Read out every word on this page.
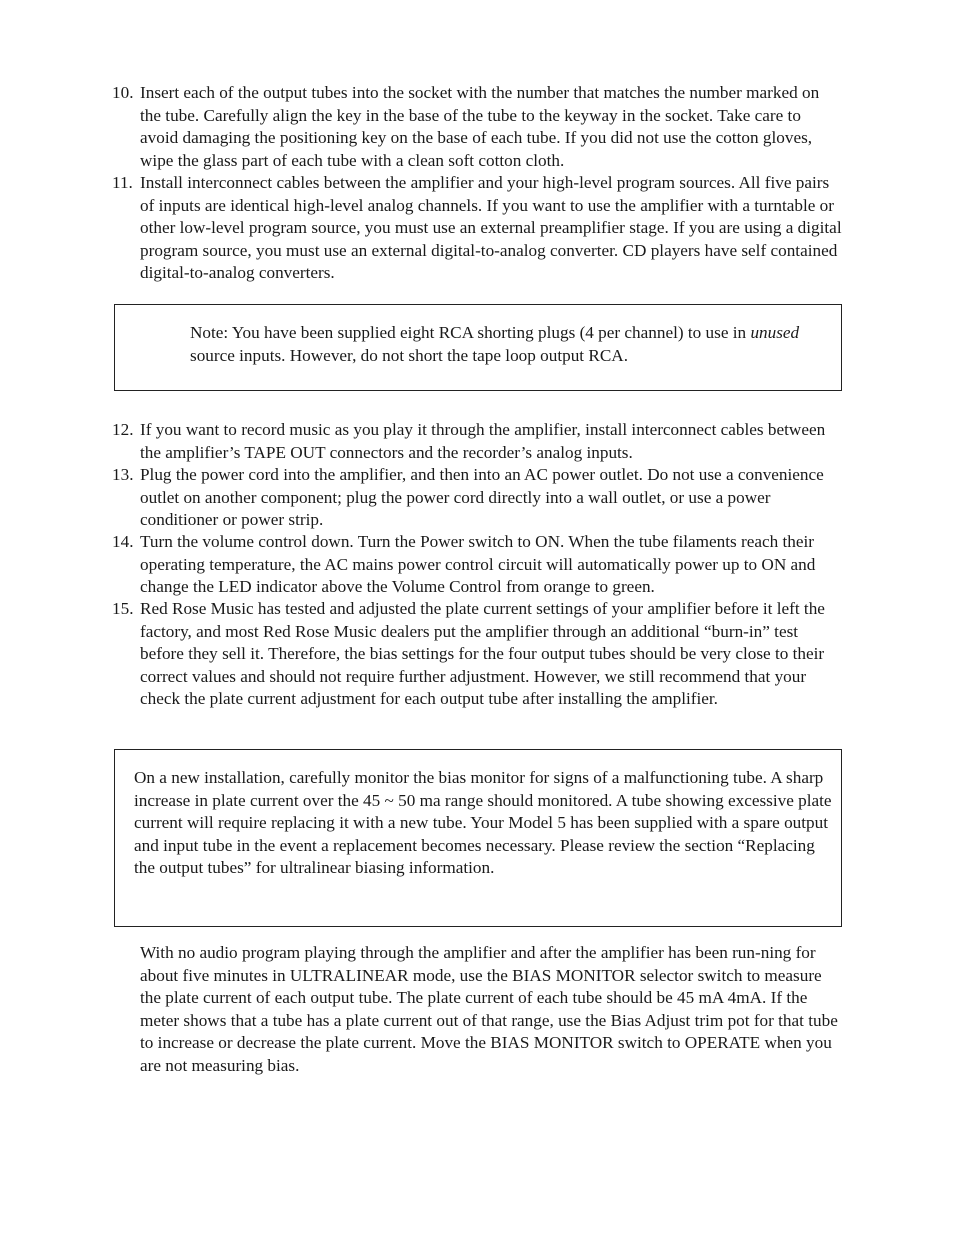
10. Insert each of the output tubes into the socket with the number that matches the number marked on the tube. Carefully align the key in the base of the tube to the keyway in the socket. Take care to avoid damaging the positioning key on the base of each tube. If you did not use the cotton gloves, wipe the glass part of each tube with a clean soft cotton cloth.
11. Install interconnect cables between the amplifier and your high-level program sources. All five pairs of inputs are identical high-level analog channels. If you want to use the amplifier with a turntable or other low-level program source, you must use an external preamplifier stage. If you are using a digital program source, you must use an external digital-to-analog converter. CD players have self contained digital-to-analog converters.
Note: You have been supplied eight RCA shorting plugs (4 per channel) to use in unused source inputs. However, do not short the tape loop output RCA.
12. If you want to record music as you play it through the amplifier, install interconnect cables between the amplifier’s TAPE OUT connectors and the recorder’s analog inputs.
13. Plug the power cord into the amplifier, and then into an AC power outlet. Do not use a convenience outlet on another component; plug the power cord directly into a wall outlet, or use a power conditioner or power strip.
14. Turn the volume control down. Turn the Power switch to ON. When the tube filaments reach their operating temperature, the AC mains power control circuit will automatically power up to ON and change the LED indicator above the Volume Control from orange to green.
15. Red Rose Music has tested and adjusted the plate current settings of your amplifier before it left the factory, and most Red Rose Music dealers put the amplifier through an additional “burn-in” test before they sell it. Therefore, the bias settings for the four output tubes should be very close to their correct values and should not require further adjustment. However, we still recommend that your check the plate current adjustment for each output tube after installing the amplifier.
On a new installation, carefully monitor the bias monitor for signs of a malfunctioning tube. A sharp increase in plate current over the 45 ~ 50 ma range should monitored. A tube showing excessive plate current will require replacing it with a new tube. Your Model 5 has been supplied with a spare output and input tube in the event a replacement becomes necessary. Please review the section “Replacing the output tubes” for ultralinear biasing information.
With no audio program playing through the amplifier and after the amplifier has been run-ning for about five minutes in ULTRALINEAR mode, use the BIAS MONITOR selector switch to measure the plate current of each output tube. The plate current of each tube should be 45 mA 4mA. If the meter shows that a tube has a plate current out of that range, use the Bias Adjust trim pot for that tube to increase or decrease the plate current. Move the BIAS MONITOR switch to OPERATE when you are not measuring bias.
